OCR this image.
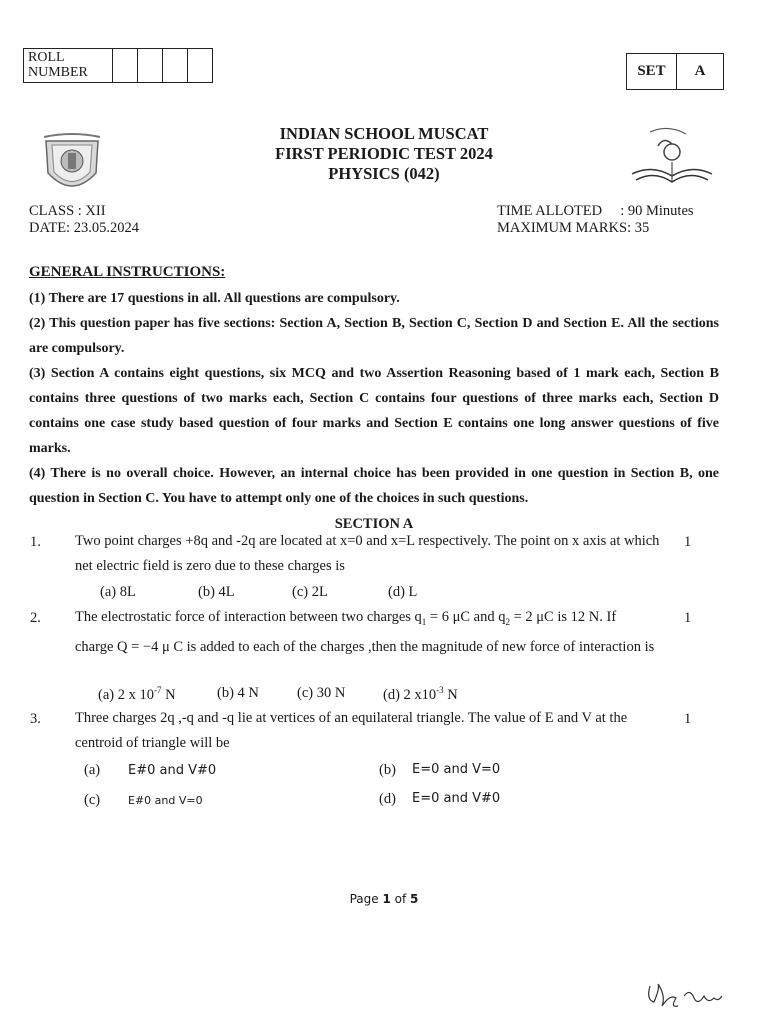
ROLL NUMBER	SET	A
INDIAN SCHOOL MUSCAT
FIRST PERIODIC TEST 2024
PHYSICS (042)
CLASS : XII
DATE: 23.05.2024
TIME ALLOTED     : 90 Minutes
MAXIMUM MARKS: 35
GENERAL INSTRUCTIONS:
(1) There are 17 questions in all. All questions are compulsory.
(2) This question paper has five sections: Section A, Section B, Section C, Section D and Section E. All the sections are compulsory.
(3) Section A contains eight questions, six MCQ and two Assertion Reasoning based of 1 mark each, Section B contains three questions of two marks each, Section C contains four questions of three marks each, Section D contains one case study based question of four marks and Section E contains one long answer questions of five marks.
(4) There is no overall choice. However, an internal choice has been provided in one question in Section B, one question in Section C. You have to attempt only one of the choices in such questions.
SECTION A
1. Two point charges +8q and -2q are located at x=0 and x=L respectively. The point on x axis at which net electric field is zero due to these charges is
1
(a) 8L	(b) 4L	(c) 2L	(d) L
2. The electrostatic force of interaction between two charges $q_1 = 6$ μC and $q_2 = 2$ μC is 12 N. If
charge Q = −4 μ C is added to each of the charges ,then the magnitude of new force of interaction is
1
(a) 2 x $10^{-7}$ N	(b) 4 N	(c) 30 N	(d) 2 $x10^{-3}$ N
3. Three charges 2q ,-q and -q lie at vertices of an equilateral triangle. The value of E and V at the centroid of triangle will be
1
(a) E#0 and V#0	(b) E=0 and V=0
(c)	E#0 and V=0	(d) E=0 and V#0
Page 1 of 5
